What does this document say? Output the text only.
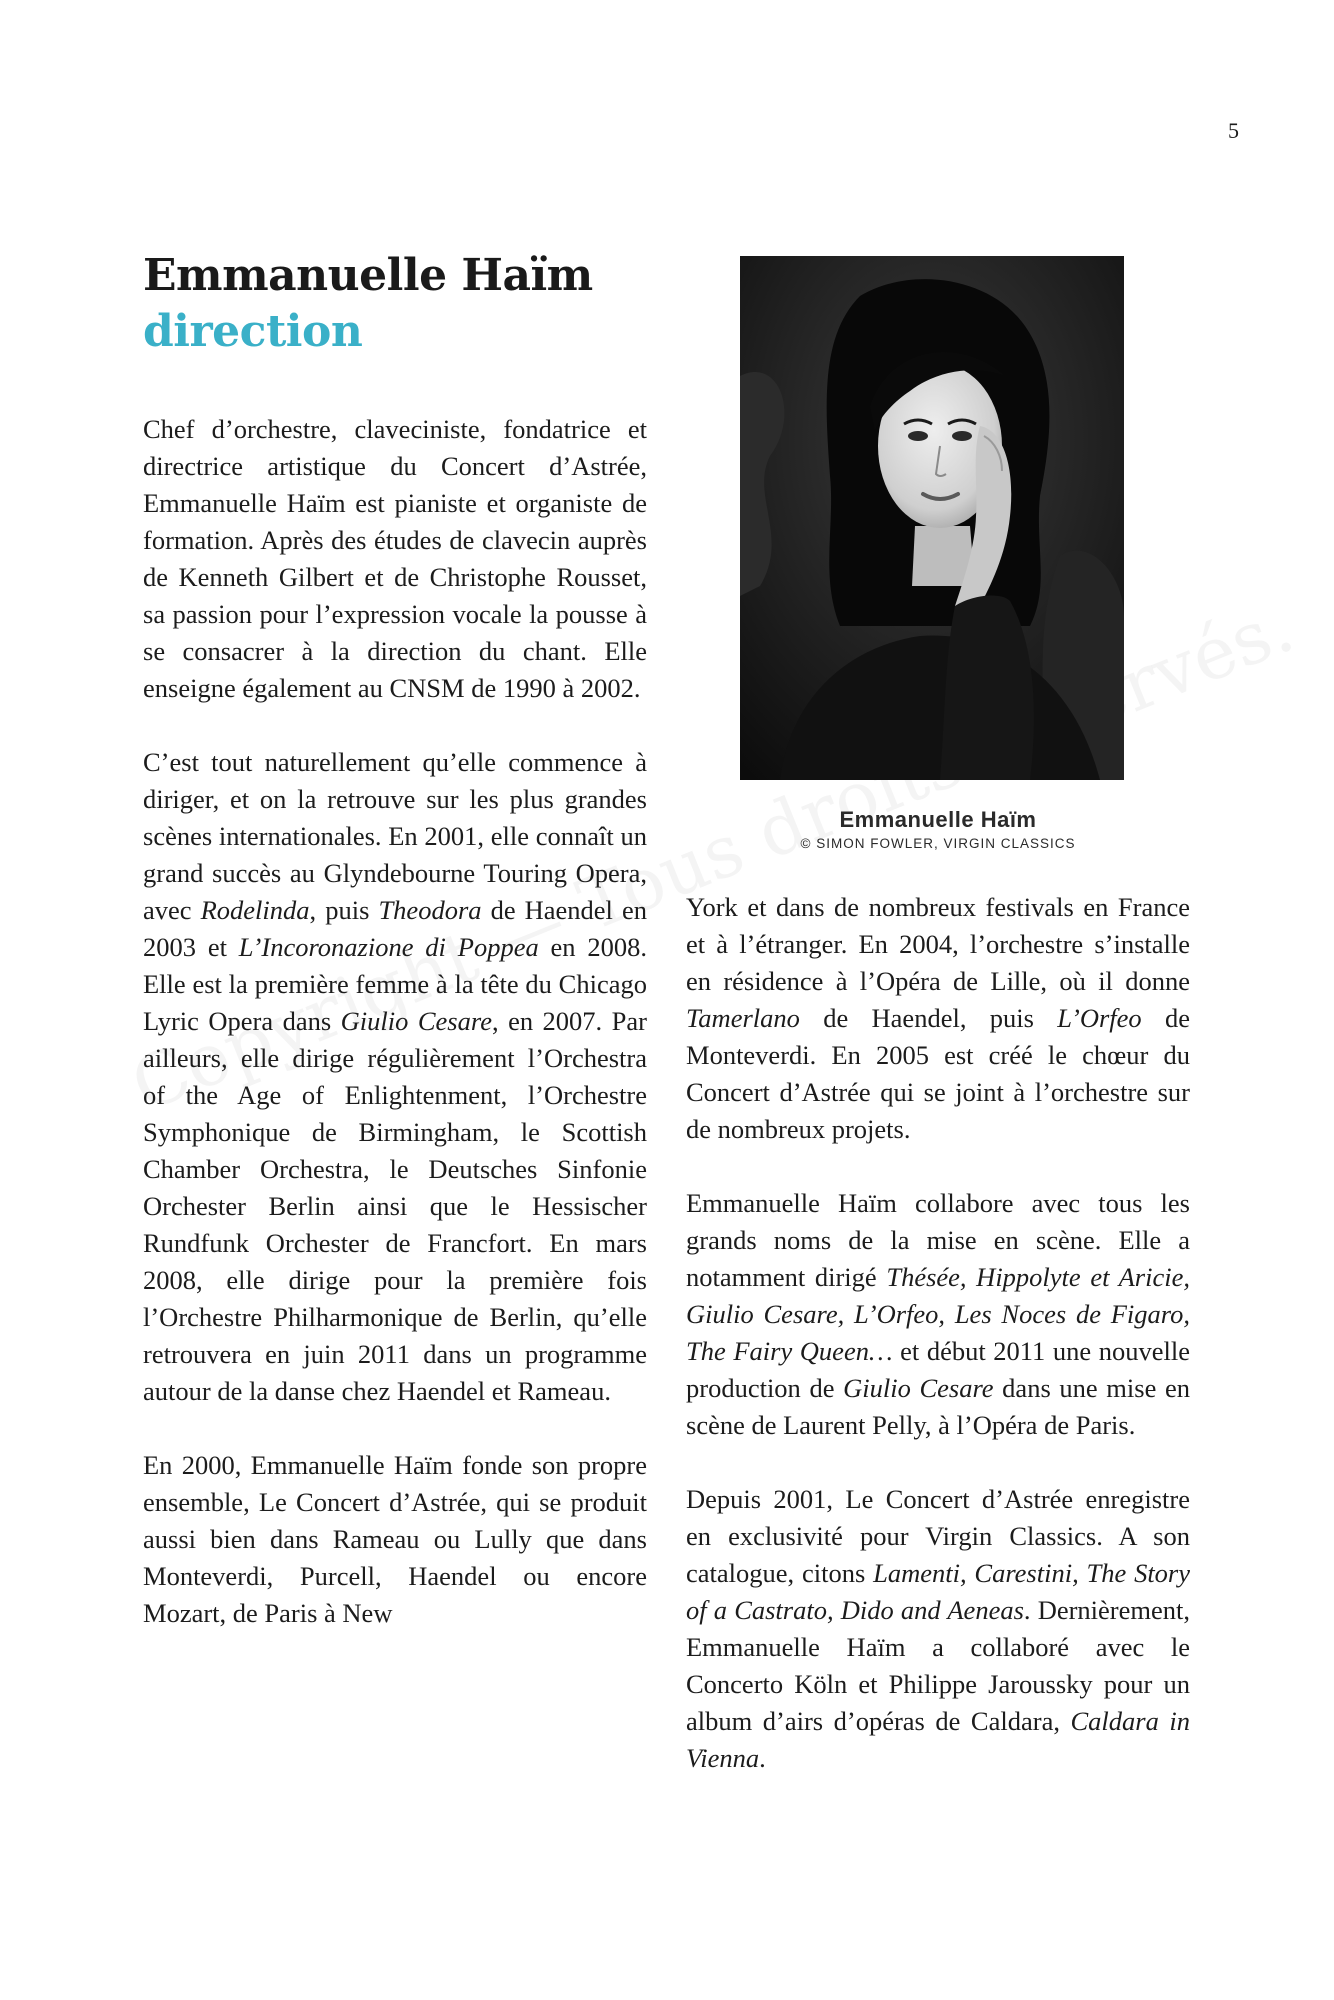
5
Emmanuelle Haïm
direction
Emmanuelle Haïm
© SIMON FOWLER, VIRGIN CLASSICS

Chef d’orchestre, claveciniste, fondatrice et directrice artistique du Concert d’Astrée, Emmanuelle Haïm est pianiste et organiste de formation. Après des études de clavecin auprès de Kenneth Gilbert et de Christophe Rousset, sa passion pour l’expression vocale la pousse à se consacrer à la direction du chant. Elle enseigne également au CNSM de 1990 à 2002.

C’est tout naturellement qu’elle commence à diriger, et on la retrouve sur les plus grandes scènes internationales. En 2001, elle connaît un grand succès au Glyndebourne Touring Opera, avec Rodelinda, puis Theodora de Haendel en 2003 et L’Incoronazione di Poppea en 2008. Elle est la première femme à la tête du Chicago Lyric Opera dans Giulio Cesare, en 2007. Par ailleurs, elle dirige régulièrement l’Orchestra of the Age of Enlightenment, l’Orchestre Symphonique de Birmingham, le Scottish Chamber Orchestra, le Deutsches Sinfonie Orchester Berlin ainsi que le Hessischer Rundfunk Orchester de Francfort. En mars 2008, elle dirige pour la première fois l’Orchestre Philharmonique de Berlin, qu’elle retrouvera en juin 2011 dans un programme autour de la danse chez Haendel et Rameau.

En 2000, Emmanuelle Haïm fonde son propre ensemble, Le Concert d’Astrée, qui se produit aussi bien dans Rameau ou Lully que dans Monteverdi, Purcell, Haendel ou encore Mozart, de Paris à New

York et dans de nombreux festivals en France et à l’étranger. En 2004, l’orchestre s’installe en résidence à l’Opéra de Lille, où il donne Tamerlano de Haendel, puis L’Orfeo de Monteverdi. En 2005 est créé le chœur du Concert d’Astrée qui se joint à l’orchestre sur de nombreux projets.

Emmanuelle Haïm collabore avec tous les grands noms de la mise en scène. Elle a notamment dirigé Thésée, Hippolyte et Aricie, Giulio Cesare, L’Orfeo, Les Noces de Figaro, The Fairy Queen… et début 2011 une nouvelle production de Giulio Cesare dans une mise en scène de Laurent Pelly, à l’Opéra de Paris.

Depuis 2001, Le Concert d’Astrée enregistre en exclusivité pour Virgin Classics. A son catalogue, citons Lamenti, Carestini, The Story of a Castrato, Dido and Aeneas. Dernièrement, Emmanuelle Haïm a collaboré avec le Concerto Köln et Philippe Jaroussky pour un album d’airs d’opéras de Caldara, Caldara in Vienna.
